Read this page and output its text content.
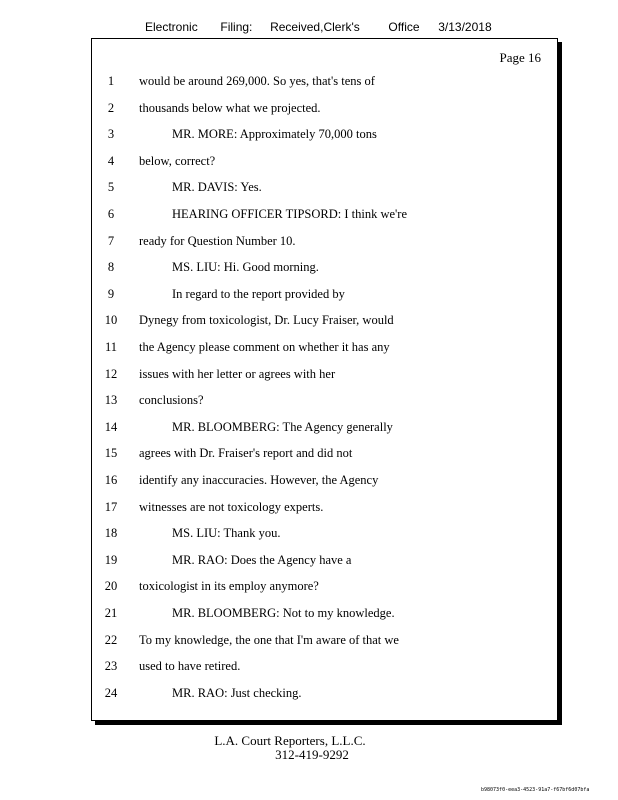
Electronic Filing: Received,Clerk's Office 3/13/2018
Page 16
1	would be around 269,000. So yes, that's tens of
2	thousands below what we projected.
3	MR. MORE: Approximately 70,000 tons
4	below, correct?
5	MR. DAVIS: Yes.
6	HEARING OFFICER TIPSORD: I think we're
7	ready for Question Number 10.
8	MS. LIU: Hi. Good morning.
9	In regard to the report provided by
10	Dynegy from toxicologist, Dr. Lucy Fraiser, would
11	the Agency please comment on whether it has any
12	issues with her letter or agrees with her
13	conclusions?
14	MR. BLOOMBERG: The Agency generally
15	agrees with Dr. Fraiser's report and did not
16	identify any inaccuracies. However, the Agency
17	witnesses are not toxicology experts.
18	MS. LIU: Thank you.
19	MR. RAO: Does the Agency have a
20	toxicologist in its employ anymore?
21	MR. BLOOMBERG: Not to my knowledge.
22	To my knowledge, the one that I'm aware of that we
23	used to have retired.
24	MR. RAO: Just checking.
L.A. Court Reporters, L.L.C.
312-419-9292
b98073f0-eea3-4523-91a7-f67bf6d07bfa
